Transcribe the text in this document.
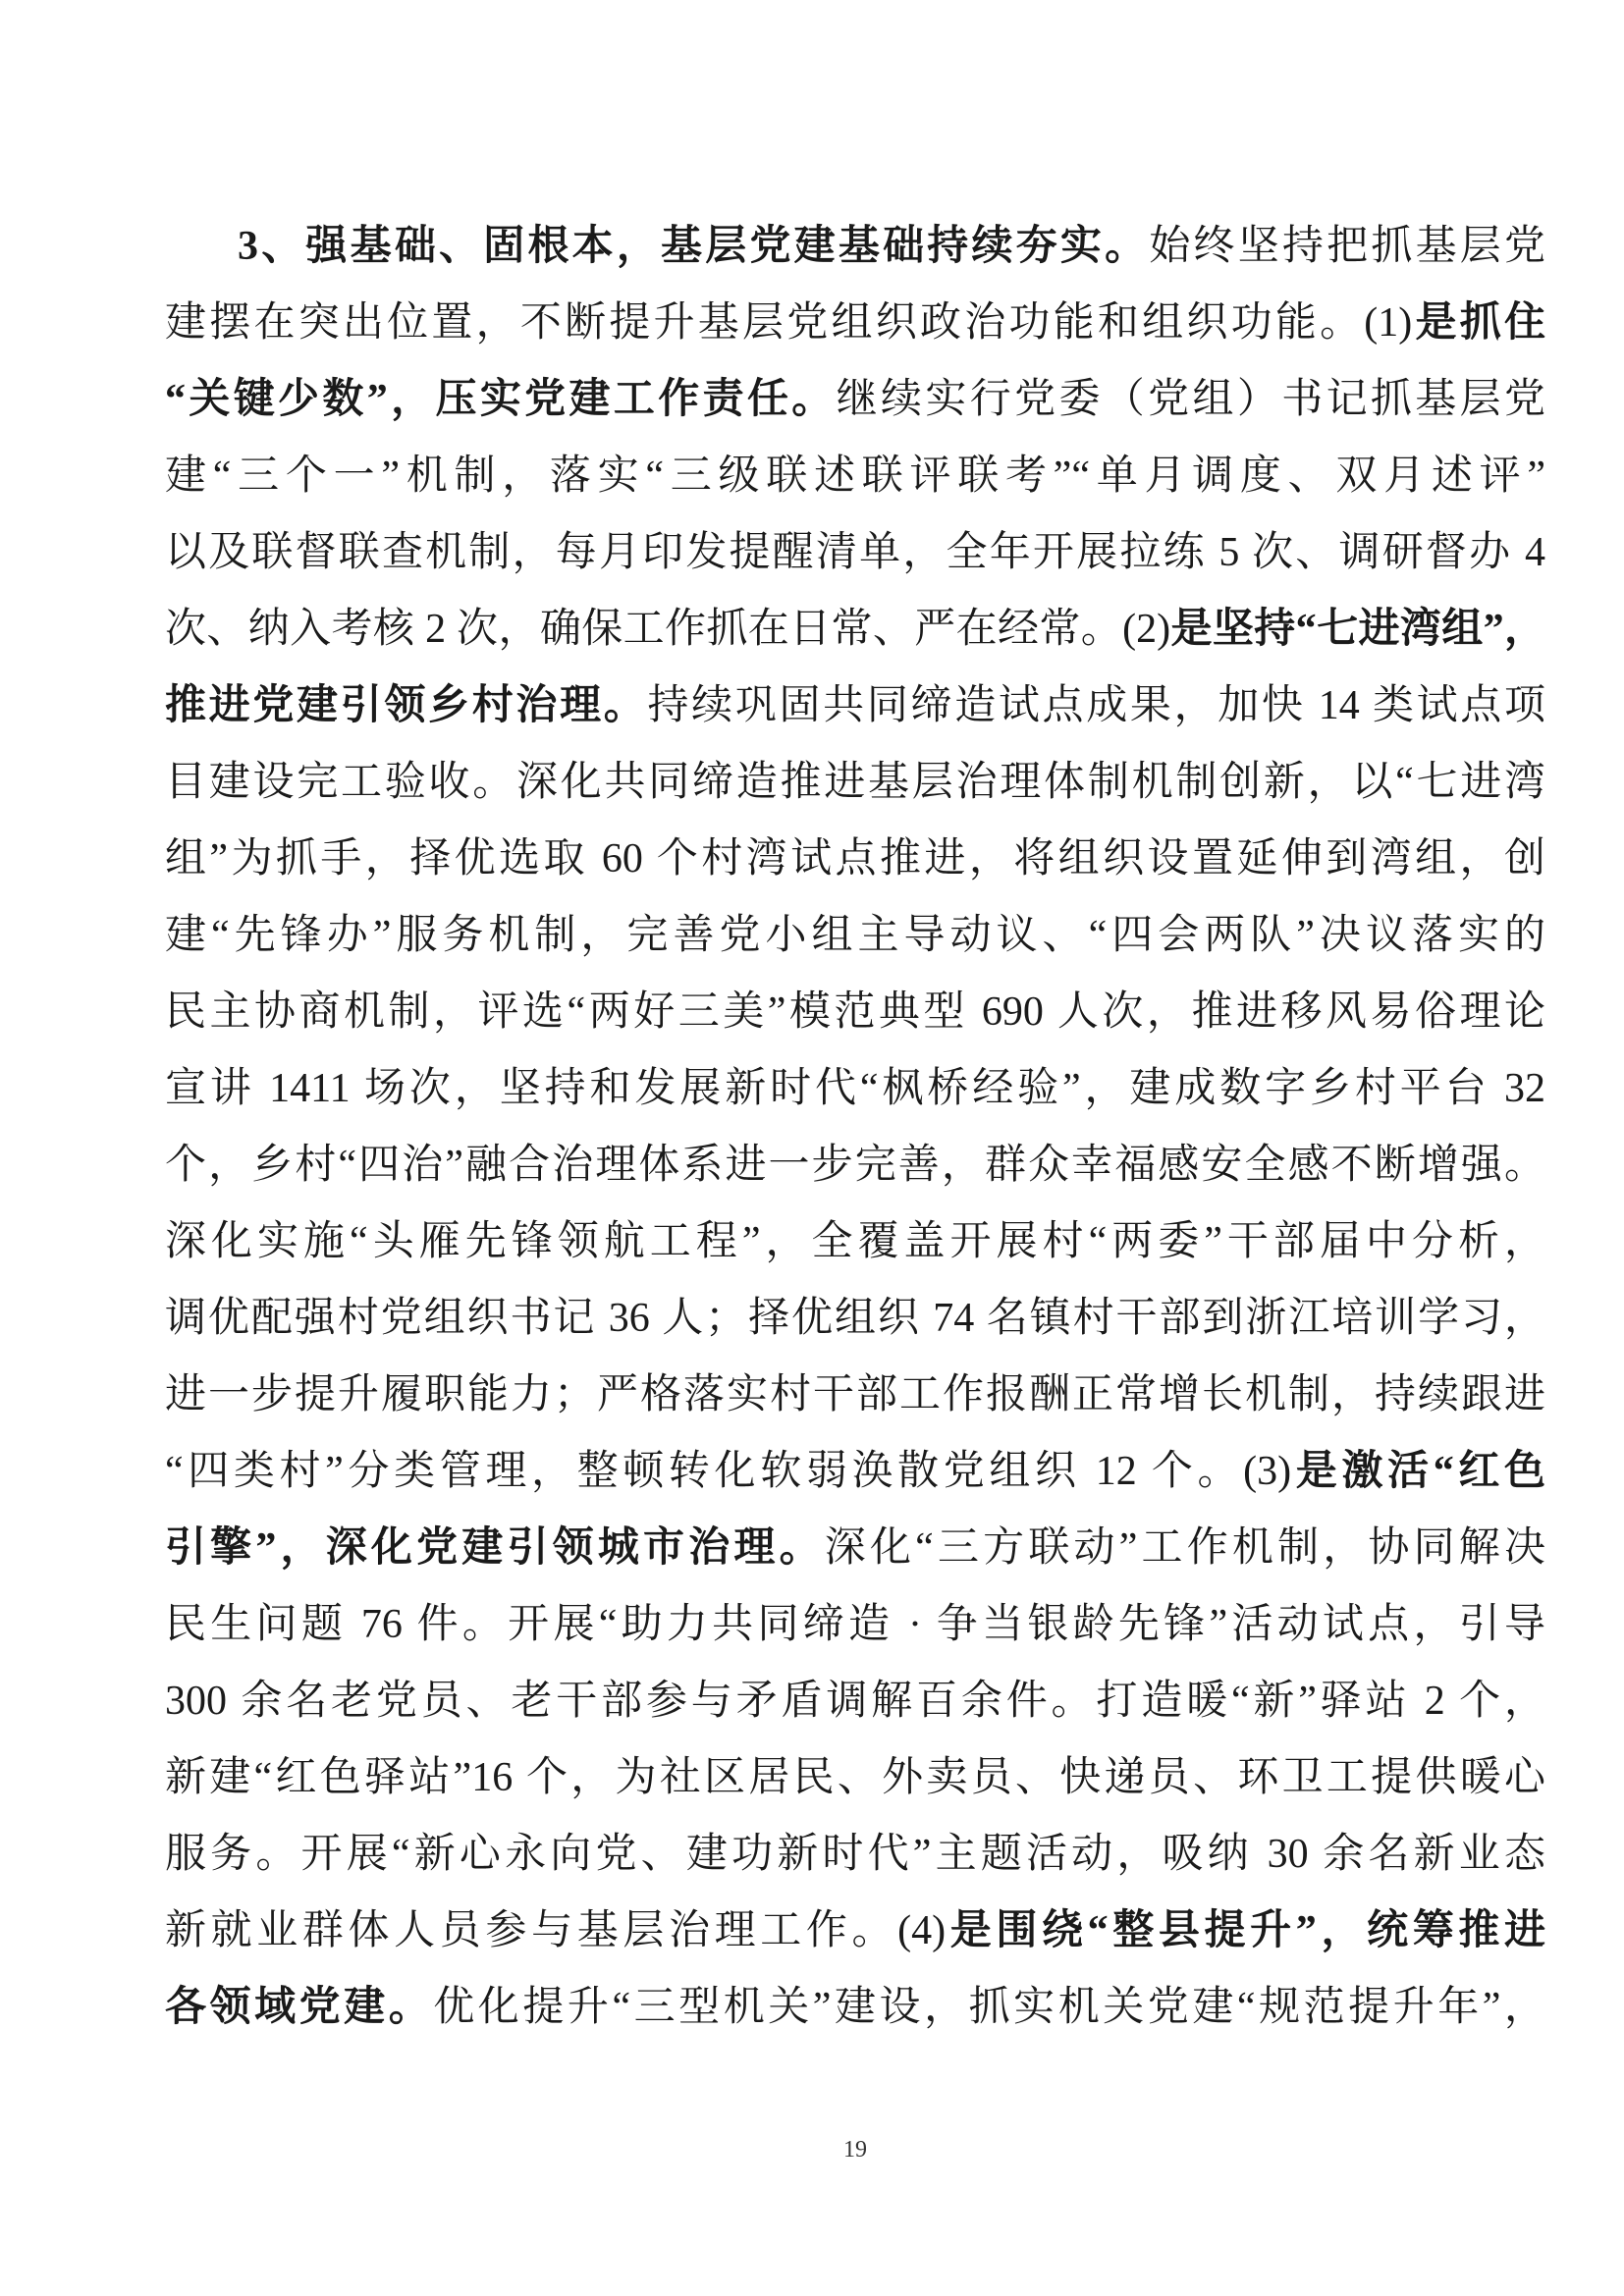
3、强基础、固根本，基层党建基础持续夯实。始终坚持把抓基层党
建摆在突出位置，不断提升基层党组织政治功能和组织功能。(1)是抓住
“关键少数”，压实党建工作责任。继续实行党委（党组）书记抓基层党
建“三个一”机制，落实“三级联述联评联考”“单月调度、双月述评”
以及联督联查机制，每月印发提醒清单，全年开展拉练 5 次、调研督办 4
次、纳入考核 2 次，确保工作抓在日常、严在经常。(2)是坚持“七进湾组”，
推进党建引领乡村治理。持续巩固共同缔造试点成果，加快 14 类试点项
目建设完工验收。深化共同缔造推进基层治理体制机制创新，以“七进湾
组”为抓手，择优选取 60 个村湾试点推进，将组织设置延伸到湾组，创
建“先锋办”服务机制，完善党小组主导动议、“四会两队”决议落实的
民主协商机制，评选“两好三美”模范典型 690 人次，推进移风易俗理论
宣讲 1411 场次，坚持和发展新时代“枫桥经验”，建成数字乡村平台 32
个，乡村“四治”融合治理体系进一步完善，群众幸福感安全感不断增强。
深化实施“头雁先锋领航工程”，全覆盖开展村“两委”干部届中分析，
调优配强村党组织书记 36 人；择优组织 74 名镇村干部到浙江培训学习，
进一步提升履职能力；严格落实村干部工作报酬正常增长机制，持续跟进
“四类村”分类管理，整顿转化软弱涣散党组织 12 个。(3)是激活“红色
引擎”，深化党建引领城市治理。深化“三方联动”工作机制，协同解决
民生问题 76 件。开展“助力共同缔造 · 争当银龄先锋”活动试点，引导
300 余名老党员、老干部参与矛盾调解百余件。打造暖“新”驿站 2 个，
新建“红色驿站”16 个，为社区居民、外卖员、快递员、环卫工提供暖心
服务。开展“新心永向党、建功新时代”主题活动，吸纳 30 余名新业态
新就业群体人员参与基层治理工作。(4)是围绕“整县提升”，统筹推进
各领域党建。优化提升“三型机关”建设，抓实机关党建“规范提升年”，
19
